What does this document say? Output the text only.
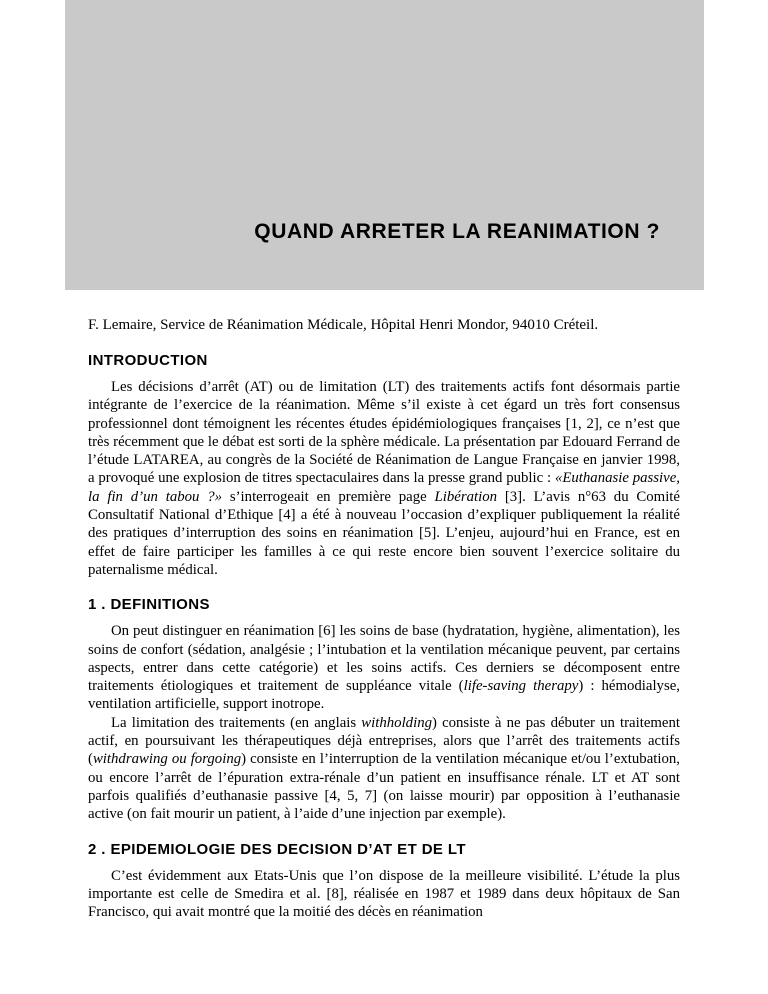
QUAND ARRETER LA REANIMATION ?

F. Lemaire, Service de Réanimation Médicale, Hôpital Henri Mondor, 94010 Créteil.

INTRODUCTION

Les décisions d’arrêt (AT) ou de limitation (LT) des traitements actifs font désormais partie intégrante de l’exercice de la réanimation. Même s’il existe à cet égard un très fort consensus professionnel dont témoignent les récentes études épidémiologiques françaises [1, 2], ce n’est que très récemment que le débat est sorti de la sphère médicale. La présentation par Edouard Ferrand de l’étude LATAREA, au congrès de la Société de Réanimation de Langue Française en janvier 1998, a provoqué une explosion de titres spectaculaires dans la presse grand public : «Euthanasie passive, la fin d’un tabou ?» s’interrogeait en première page Libération [3]. L’avis n°63 du Comité Consultatif National d’Ethique [4] a été à nouveau l’occasion d’expliquer publiquement la réalité des pratiques d’interruption des soins en réanimation [5]. L’enjeu, aujourd’hui en France, est en effet de faire participer les familles à ce qui reste encore bien souvent l’exercice solitaire du paternalisme médical.

1 . DEFINITIONS

On peut distinguer en réanimation [6] les soins de base (hydratation, hygiène, alimentation), les soins de confort (sédation, analgésie ; l’intubation et la ventilation mécanique peuvent, par certains aspects, entrer dans cette catégorie) et les soins actifs. Ces derniers se décomposent entre traitements étiologiques et traitement de suppléance vitale (life-saving therapy) : hémodialyse, ventilation artificielle, support inotrope.

La limitation des traitements (en anglais withholding) consiste à ne pas débuter un traitement actif, en poursuivant les thérapeutiques déjà entreprises, alors que l’arrêt des traitements actifs (withdrawing ou forgoing) consiste en l’interruption de la ventilation mécanique et/ou l’extubation, ou encore l’arrêt de l’épuration extra-rénale d’un patient en insuffisance rénale. LT et AT sont parfois qualifiés d’euthanasie passive [4, 5, 7] (on laisse mourir) par opposition à l’euthanasie active (on fait mourir un patient, à l’aide d’une injection par exemple).

2 . EPIDEMIOLOGIE DES DECISION D’AT ET DE LT

C’est évidemment aux Etats-Unis que l’on dispose de la meilleure visibilité. L’étude la plus importante est celle de Smedira et al. [8], réalisée en 1987 et 1989 dans deux hôpitaux de San Francisco, qui avait montré que la moitié des décès en réanimation
